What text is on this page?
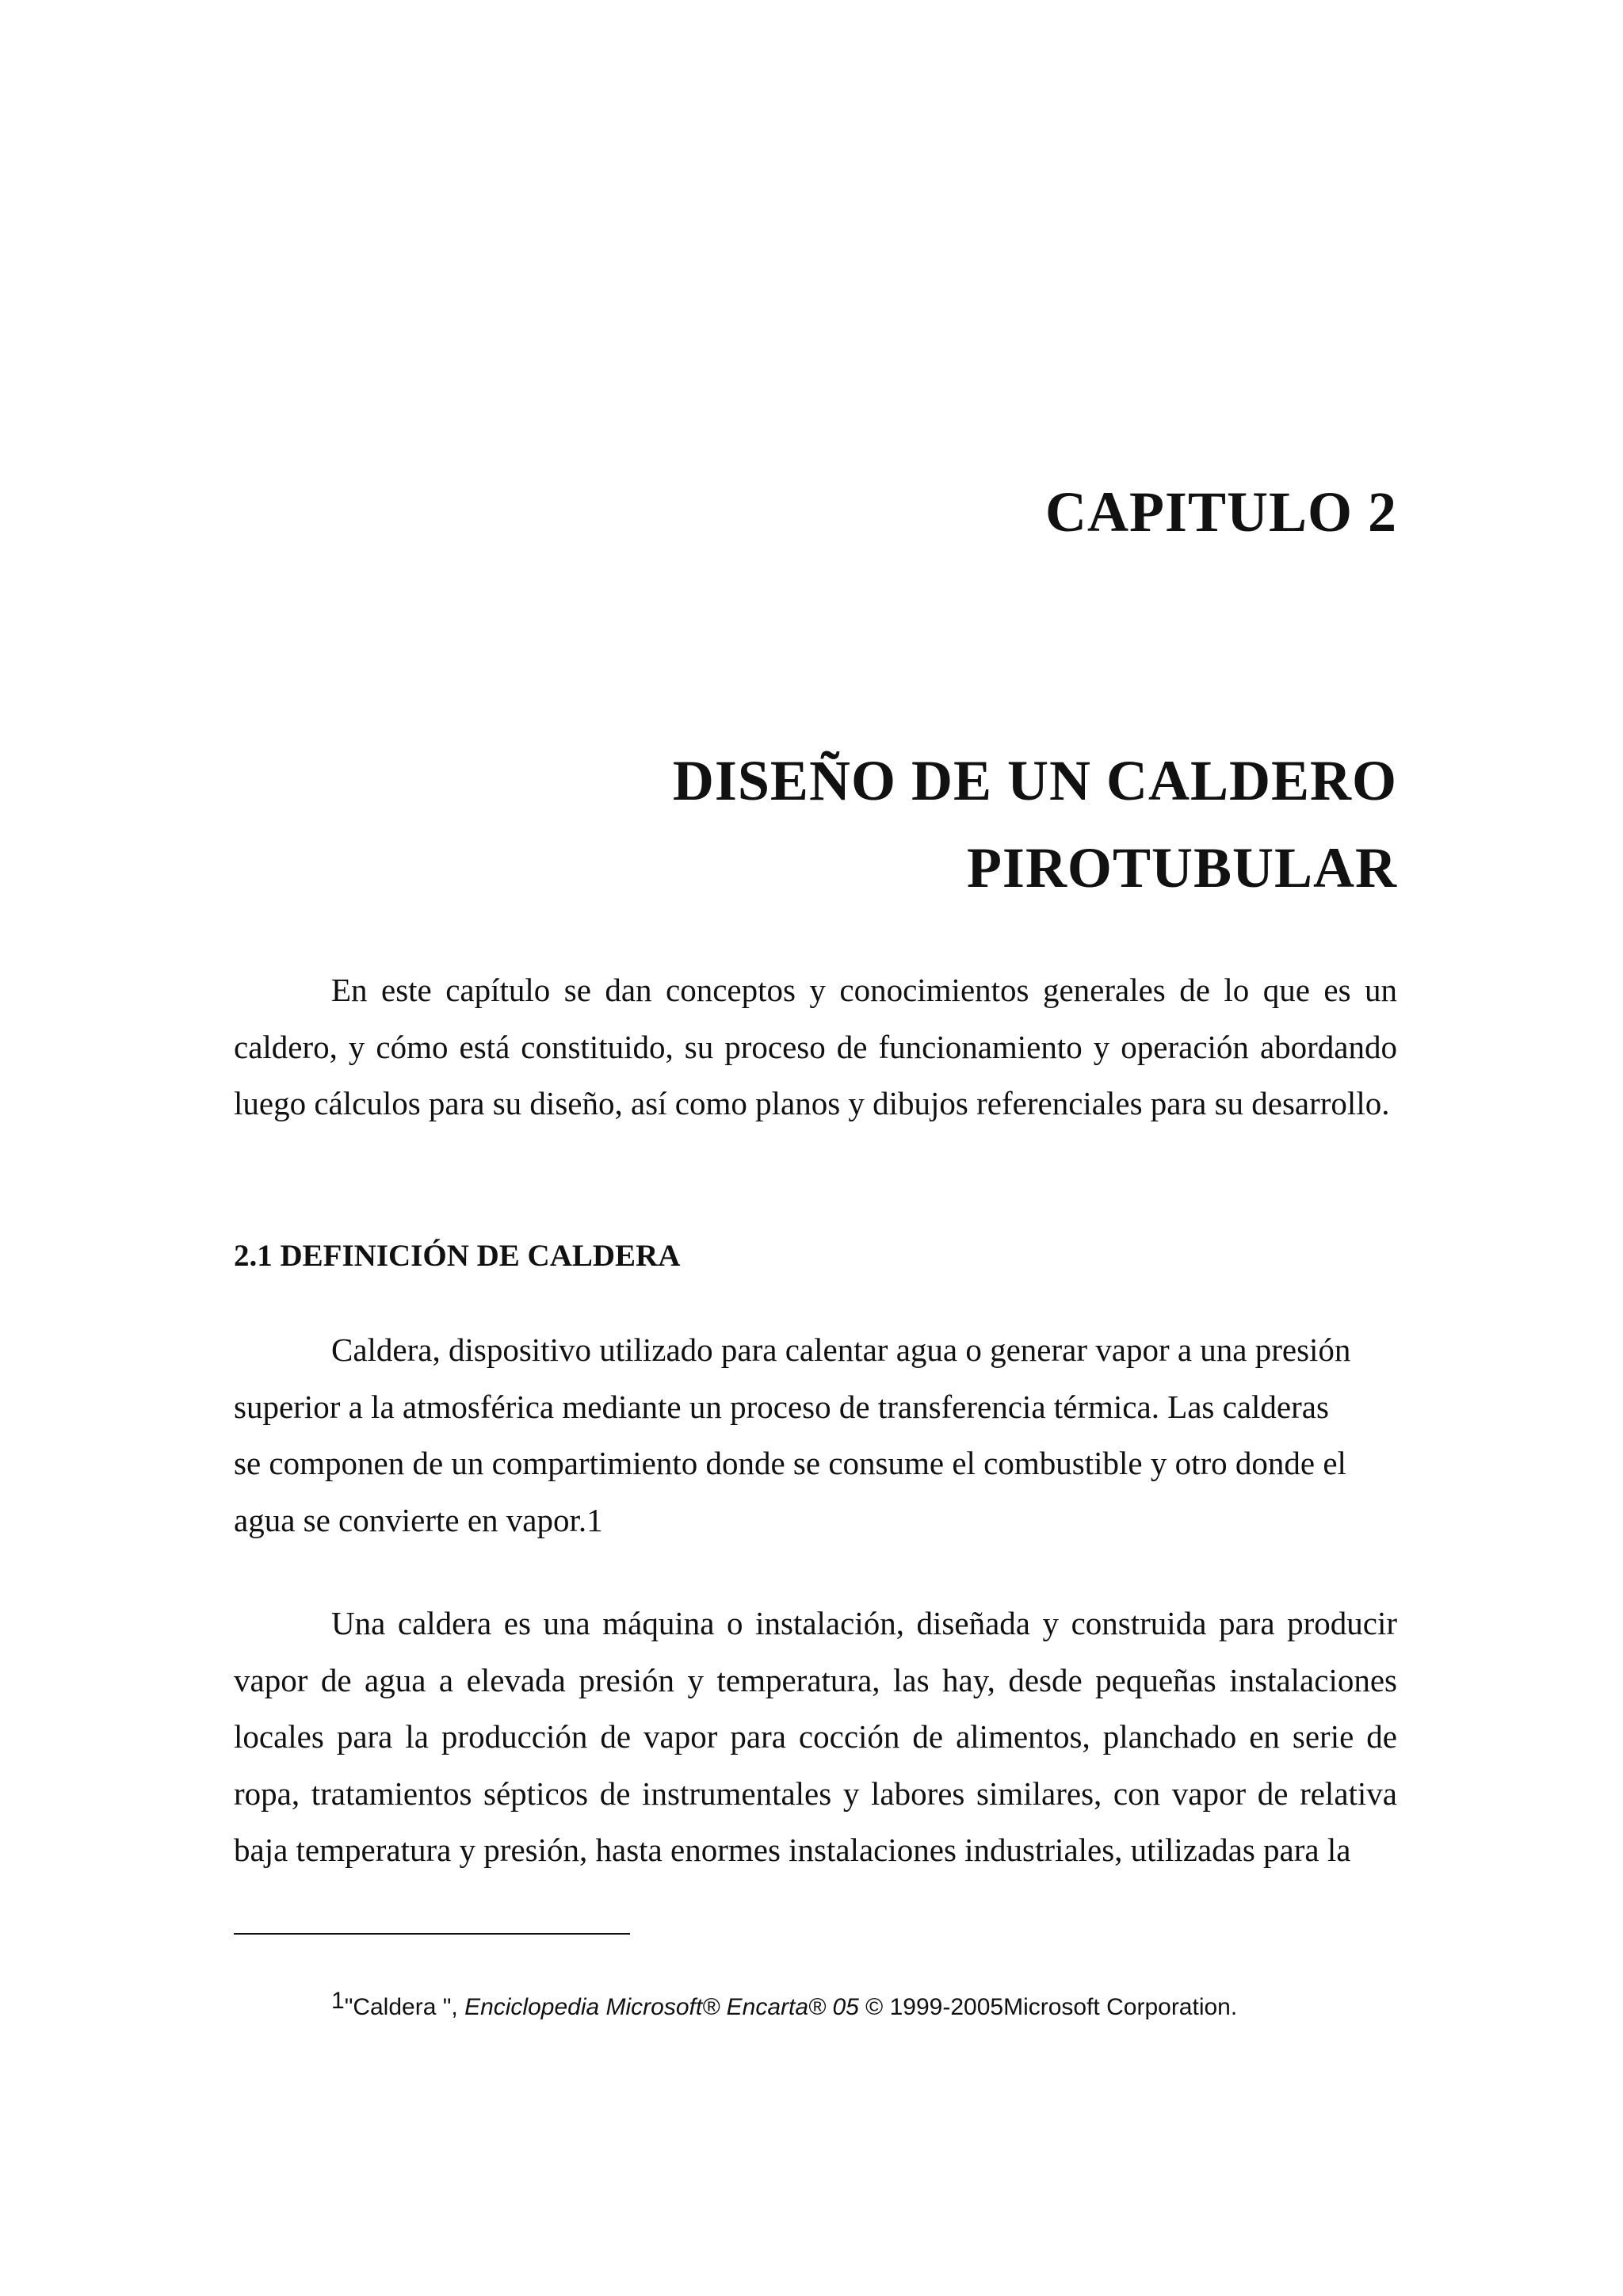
CAPITULO 2
DISEÑO DE UN CALDERO
PIROTUBULAR

En este capítulo se dan conceptos y conocimientos generales de lo que es un caldero, y cómo está constituido, su proceso de funcionamiento y operación abordando luego cálculos para su diseño, así como planos y dibujos referenciales para su desarrollo.

2.1 DEFINICIÓN DE CALDERA

Caldera, dispositivo utilizado para calentar agua o generar vapor a una presión
superior a la atmosférica mediante un proceso de transferencia térmica. Las calderas
se componen de un compartimiento donde se consume el combustible y otro donde el
agua se convierte en vapor.1

Una caldera es una máquina o instalación, diseñada y construida para producir vapor de agua a elevada presión y temperatura, las hay, desde pequeñas instalaciones locales para la producción de vapor para cocción de alimentos, planchado en serie de ropa, tratamientos sépticos de instrumentales y labores similares, con vapor de relativa baja temperatura y presión, hasta enormes instalaciones industriales, utilizadas para la

1"Caldera ", Enciclopedia Microsoft® Encarta® 05 © 1999-2005Microsoft Corporation.
